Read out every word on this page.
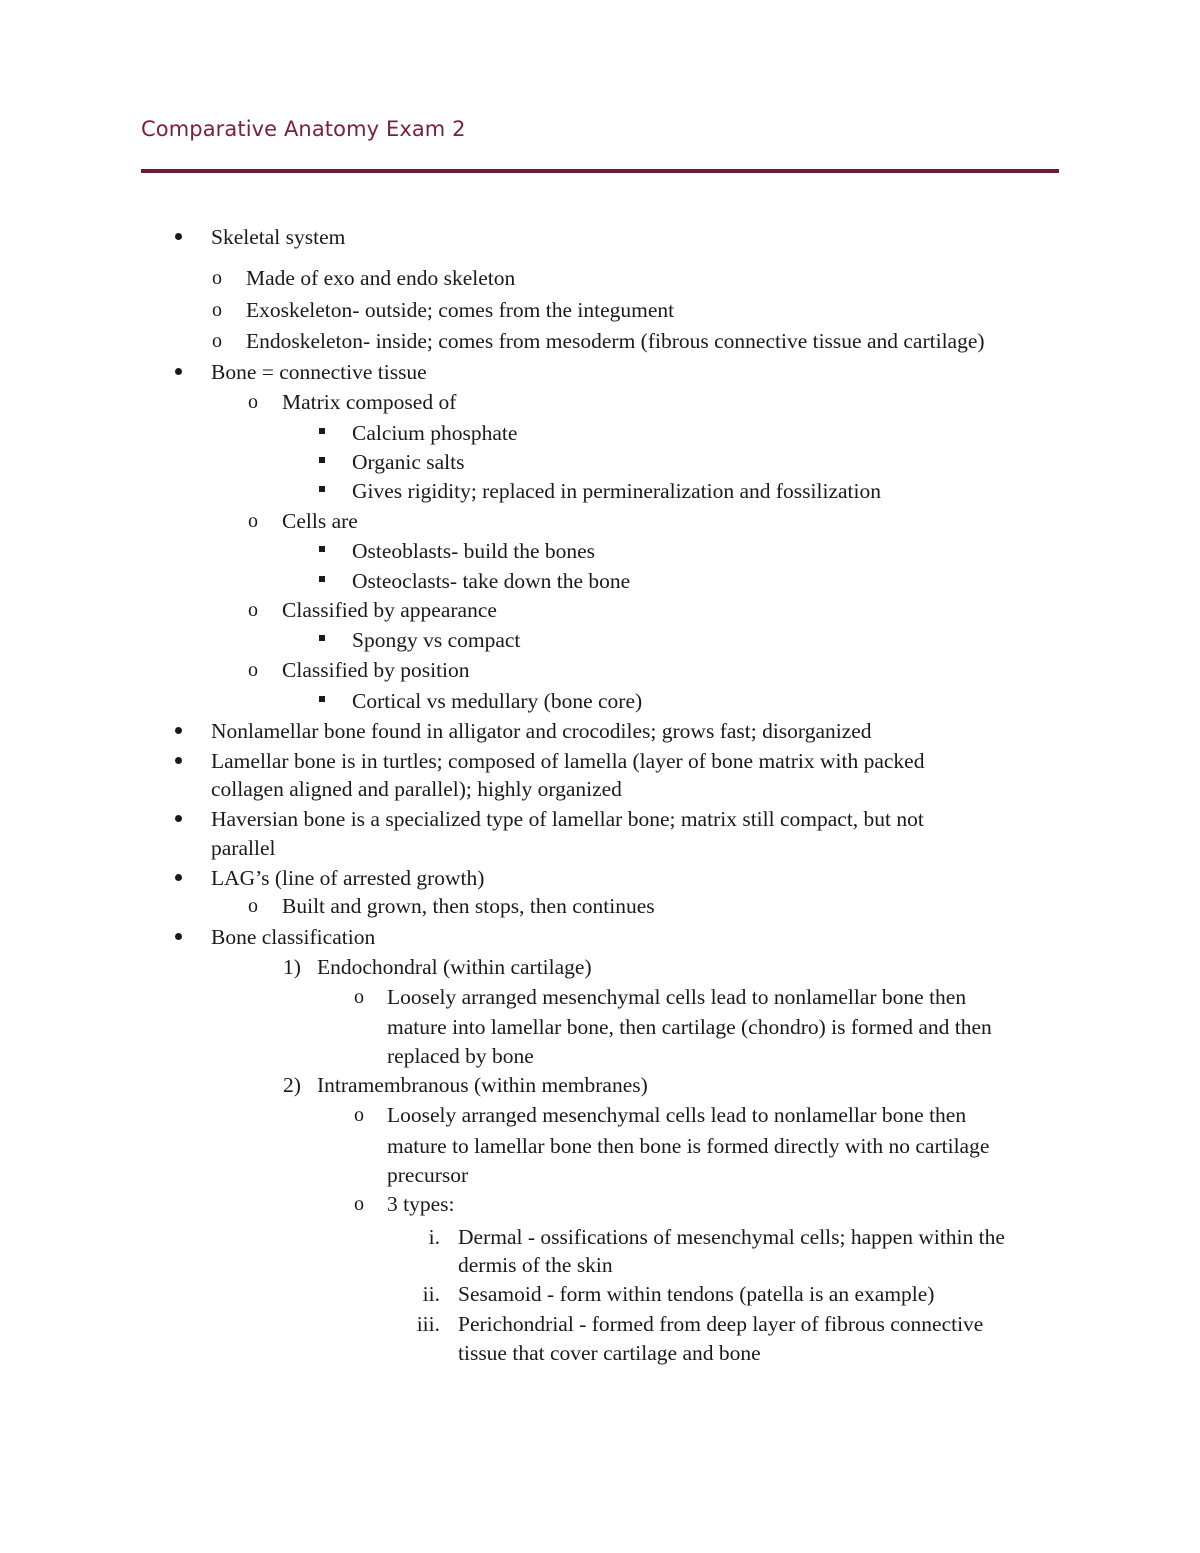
Comparative Anatomy Exam 2
Skeletal system
o Made of exo and endo skeleton
o Exoskeleton- outside; comes from the integument
o Endoskeleton- inside; comes from mesoderm (fibrous connective tissue and cartilage)
Bone = connective tissue
o Matrix composed of
Calcium phosphate
Organic salts
Gives rigidity; replaced in permineralization and fossilization
o Cells are
Osteoblasts- build the bones
Osteoclasts- take down the bone
o Classified by appearance
Spongy vs compact
o Classified by position
Cortical vs medullary (bone core)
Nonlamellar bone found in alligator and crocodiles; grows fast; disorganized
Lamellar bone is in turtles; composed of lamella (layer of bone matrix with packed
collagen aligned and parallel); highly organized
Haversian bone is a specialized type of lamellar bone; matrix still compact, but not
parallel
LAG’s (line of arrested growth)
o Built and grown, then stops, then continues
Bone classification
1) Endochondral (within cartilage)
o Loosely arranged mesenchymal cells lead to nonlamellar bone then
mature into lamellar bone, then cartilage (chondro) is formed and then
replaced by bone
2) Intramembranous (within membranes)
o Loosely arranged mesenchymal cells lead to nonlamellar bone then
mature to lamellar bone then bone is formed directly with no cartilage
precursor
o 3 types:
i. Dermal - ossifications of mesenchymal cells; happen within the
dermis of the skin
ii. Sesamoid - form within tendons (patella is an example)
iii. Perichondrial - formed from deep layer of fibrous connective
tissue that cover cartilage and bone
